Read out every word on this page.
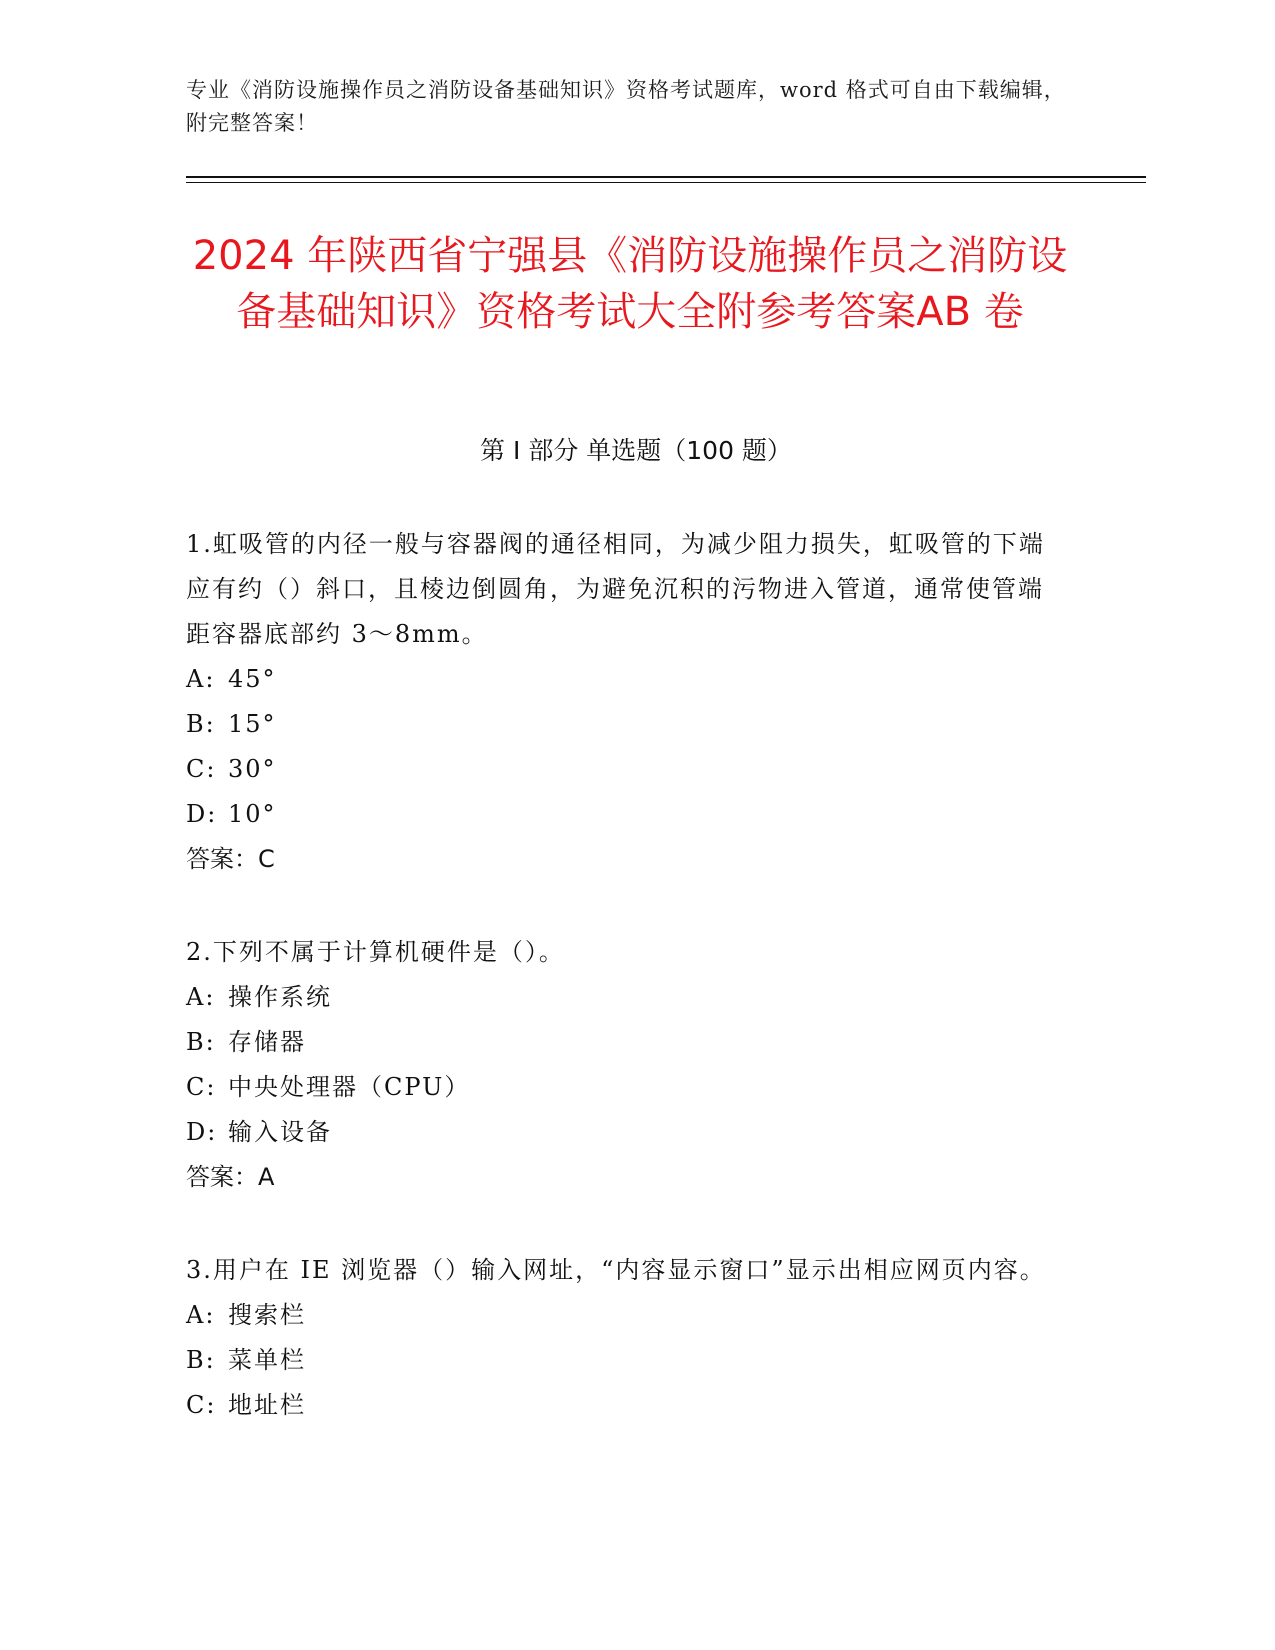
专业《消防设施操作员之消防设备基础知识》资格考试题库，word 格式可自由下载编辑，附完整答案！
2024 年陕西省宁强县《消防设施操作员之消防设备基础知识》资格考试大全附参考答案AB 卷
第 I 部分 单选题（100 题）

1.虹吸管的内径一般与容器阀的通径相同，为减少阻力损失，虹吸管的下端应有约（）斜口，且棱边倒圆角，为避免沉积的污物进入管道，通常使管端距容器底部约 3～8mm。

A: 45°
B: 15°
C: 30°
D: 10°
答案：C

2.下列不属于计算机硬件是（）。

A: 操作系统
B: 存储器
C: 中央处理器（CPU）
D: 输入设备
答案：A

3.用户在 IE 浏览器（）输入网址，“内容显示窗口”显示出相应网页内容。

A: 搜索栏
B: 菜单栏
C: 地址栏
